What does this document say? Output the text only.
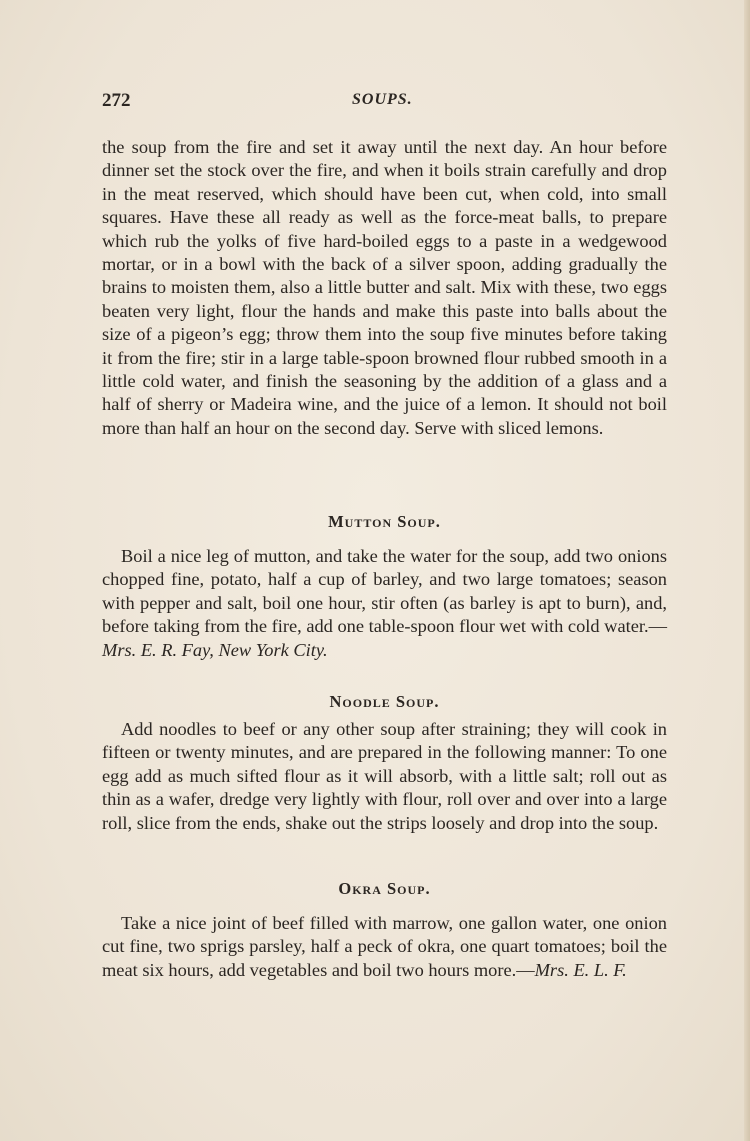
272	SOUPS.

the soup from the fire and set it away until the next day. An hour before dinner set the stock over the fire, and when it boils strain carefully and drop in the meat reserved, which should have been cut, when cold, into small squares. Have these all ready as well as the force-meat balls, to prepare which rub the yolks of five hard-boiled eggs to a paste in a wedgewood mortar, or in a bowl with the back of a silver spoon, adding gradually the brains to moisten them, also a little butter and salt. Mix with these, two eggs beaten very light, flour the hands and make this paste into balls about the size of a pigeon’s egg; throw them into the soup five minutes before taking it from the fire; stir in a large table-spoon browned flour rubbed smooth in a little cold water, and finish the seasoning by the addition of a glass and a half of sherry or Madeira wine, and the juice of a lemon. It should not boil more than half an hour on the second day. Serve with sliced lemons.

Mutton Soup.

Boil a nice leg of mutton, and take the water for the soup, add two onions chopped fine, potato, half a cup of barley, and two large tomatoes; season with pepper and salt, boil one hour, stir often (as barley is apt to burn), and, before taking from the fire, add one table-spoon flour wet with cold water.—Mrs. E. R. Fay, New York City.

Noodle Soup.

Add noodles to beef or any other soup after straining; they will cook in fifteen or twenty minutes, and are prepared in the following manner: To one egg add as much sifted flour as it will absorb, with a little salt; roll out as thin as a wafer, dredge very lightly with flour, roll over and over into a large roll, slice from the ends, shake out the strips loosely and drop into the soup.

Okra Soup.

Take a nice joint of beef filled with marrow, one gallon water, one onion cut fine, two sprigs parsley, half a peck of okra, one quart tomatoes; boil the meat six hours, add vegetables and boil two hours more.—Mrs. E. L. F.
